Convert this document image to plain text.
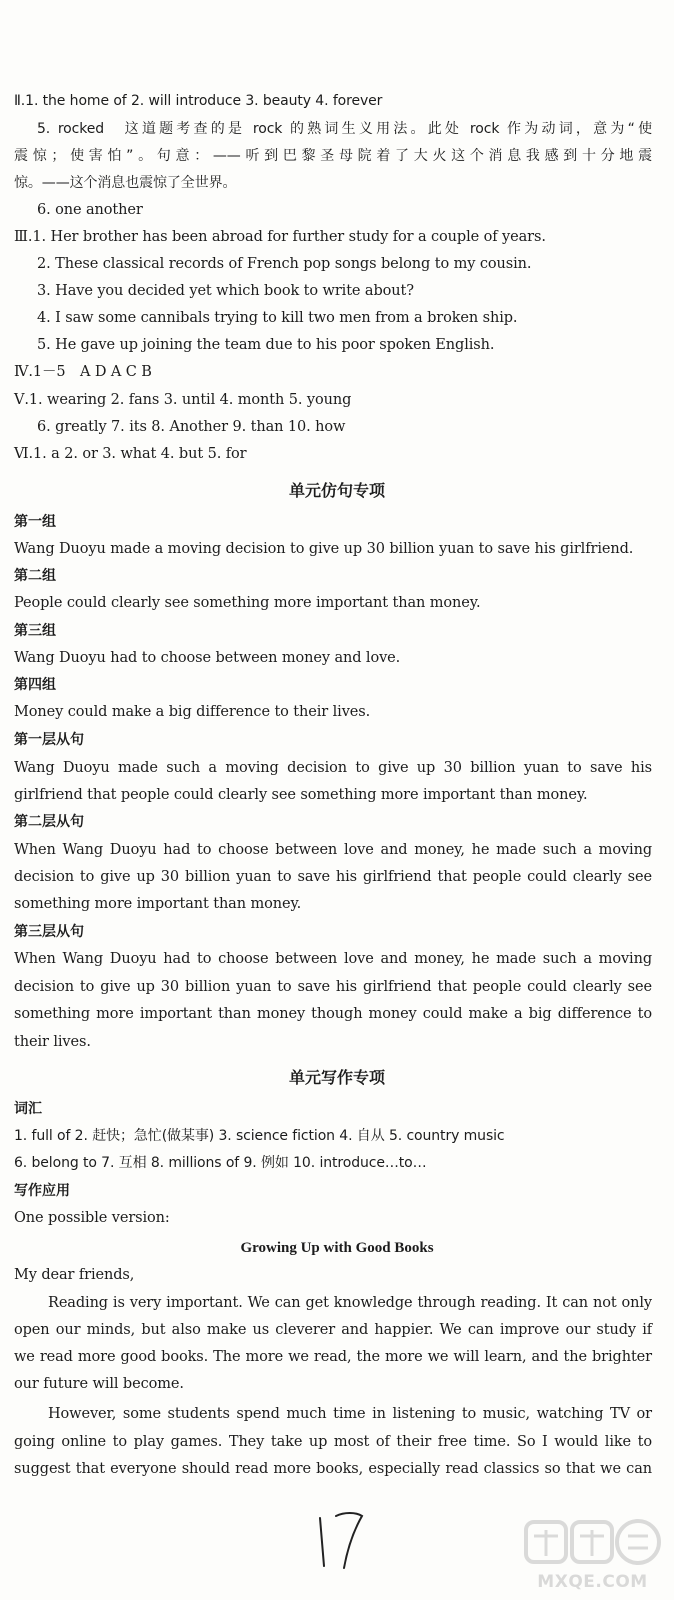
Ⅱ.1. the home of 2. will introduce 3. beauty 4. forever
5. rocked　这道题考查的是 rock 的熟词生义用法。此处 rock 作为动词，意为“使
震惊；使害怕”。句意：——听到巴黎圣母院着了大火这个消息我感到十分地震
惊。——这个消息也震惊了全世界。
6. one another
Ⅲ.1. Her brother has been abroad for further study for a couple of years.
2. These classical records of French pop songs belong to my cousin.
3. Have you decided yet which book to write about?
4. I saw some cannibals trying to kill two men from a broken ship.
5. He gave up joining the team due to his poor spoken English.
Ⅳ.1－5　A D A C B
Ⅴ.1. wearing 2. fans 3. until 4. month 5. young
6. greatly 7. its 8. Another 9. than 10. how
Ⅵ.1. a 2. or 3. what 4. but 5. for
单元仿句专项
第一组
Wang Duoyu made a moving decision to give up 30 billion yuan to save his girlfriend.
第二组
People could clearly see something more important than money.
第三组
Wang Duoyu had to choose between money and love.
第四组
Money could make a big difference to their lives.
第一层从句
Wang Duoyu made such a moving decision to give up 30 billion yuan to save his
girlfriend that people could clearly see something more important than money.
第二层从句
When Wang Duoyu had to choose between love and money, he made such a moving
decision to give up 30 billion yuan to save his girlfriend that people could clearly see
something more important than money.
第三层从句
When Wang Duoyu had to choose between love and money, he made such a moving
decision to give up 30 billion yuan to save his girlfriend that people could clearly see
something more important than money though money could make a big difference to
their lives.
单元写作专项
词汇
1. full of 2. 赶快；急忙(做某事) 3. science fiction 4. 自从 5. country music
6. belong to 7. 互相 8. millions of 9. 例如 10. introduce…to…
写作应用
One possible version:
Growing Up with Good Books
My dear friends,
Reading is very important. We can get knowledge through reading. It can not only
open our minds, but also make us cleverer and happier. We can improve our study if
we read more good books. The more we read, the more we will learn, and the brighter
our future will become.
However, some students spend much time in listening to music, watching TV or
going online to play games. They take up most of their free time. So I would like to
suggest that everyone should read more books, especially read classics so that we can
MXQE.COM
